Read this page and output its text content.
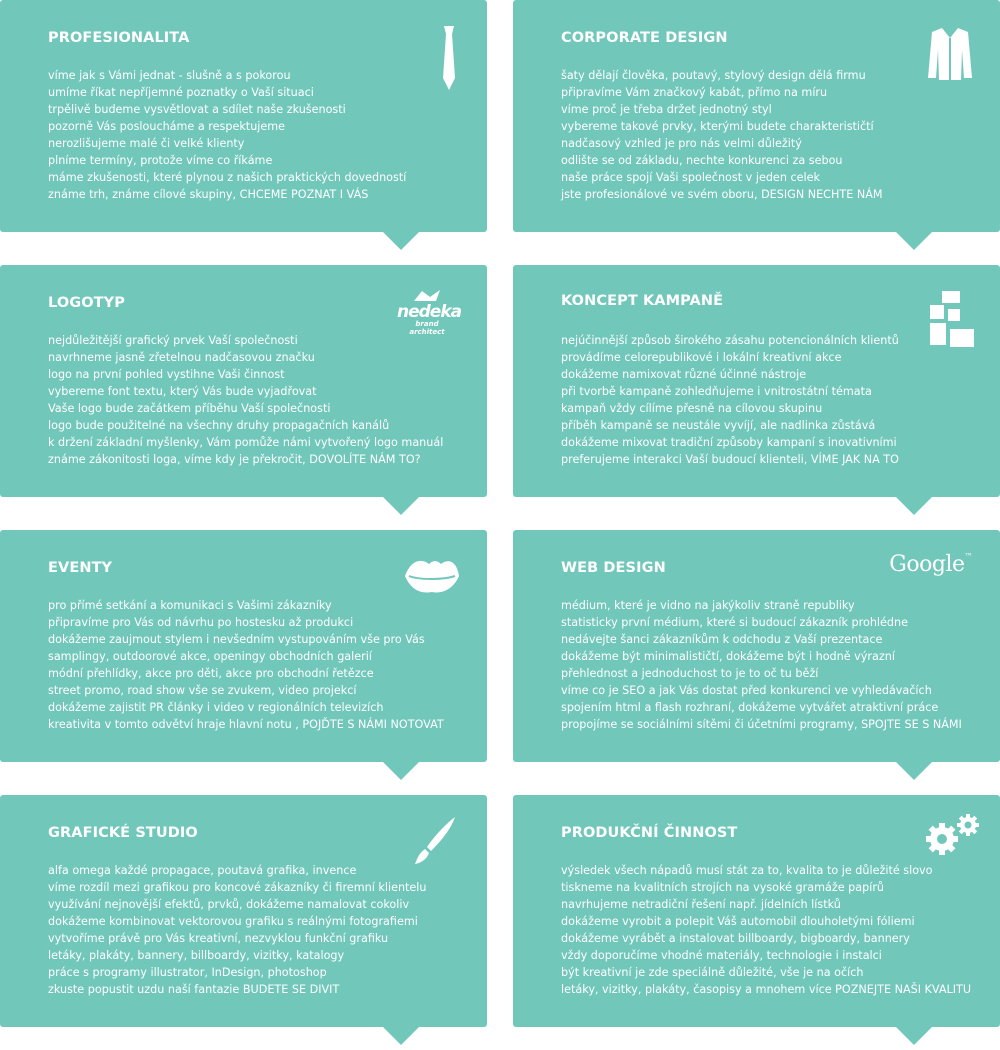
PROFESIONALITA
víme jak s Vámi jednat - slušně a s pokorou
umíme říkat nepříjemné poznatky o Vaší situaci
trpělivě budeme vysvětlovat a sdílet naše zkušenosti
pozorně Vás posloucháme a respektujeme
nerozlišujeme malé či velké klienty
plníme termíny, protože víme co říkáme
máme zkušenosti, které plynou z našich praktických dovedností
známe trh, známe cílové skupiny, CHCEME POZNAT I VÁS
CORPORATE DESIGN
šaty dělají člověka, poutavý, stylový design dělá firmu
připravíme Vám značkový kabát, přímo na míru
víme proč je třeba držet jednotný styl
vybereme takové prvky, kterými budete charakterističtí
nadčasový vzhled je pro nás velmi důležitý
odlište se od základu, nechte konkurenci za sebou
naše práce spojí Vaši společnost v jeden celek
jste profesionálové ve svém oboru, DESIGN NECHTE NÁM
LOGOTYP	nedeka
brand architect
nejdůležitější grafický prvek Vaší společnosti
navrhneme jasně zřetelnou nadčasovou značku
logo na první pohled vystihne Vaši činnost
vybereme font textu, který Vás bude vyjadřovat
Vaše logo bude začátkem příběhu Vaší společnosti
logo bude použitelné na všechny druhy propagačních kanálů
k držení základní myšlenky, Vám pomůže námi vytvořený logo manuál
známe zákonitosti loga, víme kdy je překročit, DOVOLÍTE NÁM TO?
KONCEPT KAMPANĚ
nejúčinnější způsob širokého zásahu potencionálních klientů
provádíme celorepublikové i lokální kreativní akce
dokážeme namixovat různé účinné nástroje
při tvorbě kampaně zohledňujeme i vnitrostátní témata
kampaň vždy cílíme přesně na cílovou skupinu
příběh kampaně se neustále vyvíjí, ale nadlinka zůstává
dokážeme mixovat tradiční způsoby kampaní s inovativními
preferujeme interakci Vaší budoucí klienteli, VÍME JAK NA TO
EVENTY
pro přímé setkání a komunikaci s Vašimi zákazníky
připravíme pro Vás od návrhu po hostesku až produkci
dokážeme zaujmout stylem i nevšedním vystupováním vše pro Vás
samplingy, outdoorové akce, openingy obchodních galerií
módní přehlídky, akce pro děti, akce pro obchodní řetězce
street promo, road show vše se zvukem, video projekcí
dokážeme zajistit PR články i video v regionálních televizích
kreativita v tomto odvětví hraje hlavní notu , POJĎTE S NÁMI NOTOVAT
WEB DESIGN	Google™
médium, které je vidno na jakýkoliv straně republiky
statisticky první médium, které si budoucí zákazník prohlédne
nedávejte šanci zákazníkům k odchodu z Vaší prezentace
dokážeme být minimalističtí, dokážeme být i hodně výrazní
přehlednost a jednoduchost to je to oč tu běží
víme co je SEO a jak Vás dostat před konkurenci ve vyhledávačích
spojením html a flash rozhraní, dokážeme vytvářet atraktivní práce
propojíme se sociálními sítěmi či účetními programy, SPOJTE SE S NÁMI
GRAFICKÉ STUDIO
alfa omega každé propagace, poutavá grafika, invence
víme rozdíl mezi grafikou pro koncové zákazníky či firemní klientelu
využívání nejnovější efektů, prvků, dokážeme namalovat cokoliv
dokážeme kombinovat vektorovou grafiku s reálnými fotografiemi
vytvoříme právě pro Vás kreativní, nezvyklou funkční grafiku
letáky, plakáty, bannery, billboardy, vizitky, katalogy
práce s programy illustrator, InDesign, photoshop
zkuste popustit uzdu naší fantazie BUDETE SE DIVIT
PRODUKČNÍ ČINNOST
výsledek všech nápadů musí stát za to, kvalita to je důležité slovo
tiskneme na kvalitních strojích na vysoké gramáže papírů
navrhujeme netradiční řešení např. jídelních lístků
dokážeme vyrobit a polepit Váš automobil dlouholetými fóliemi
dokážeme vyrábět a instalovat billboardy, bigboardy, bannery
vždy doporučíme vhodné materiály, technologie i instalci
být kreativní je zde speciálně důležité, vše je na očích
letáky, vizitky, plakáty, časopisy a mnohem více POZNEJTE NAŠI KVALITU
